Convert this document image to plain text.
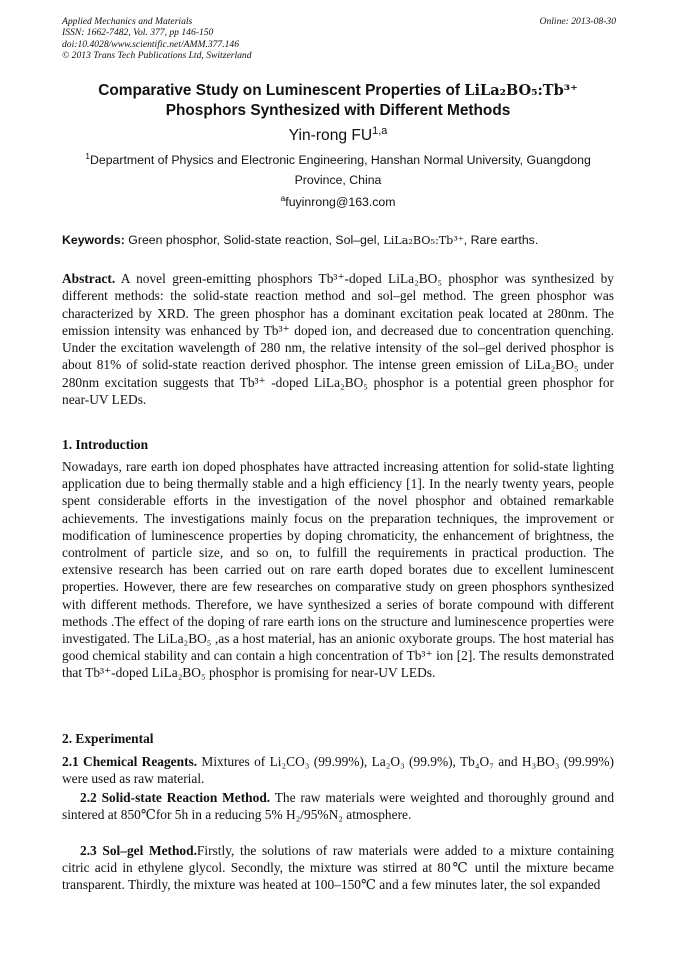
Applied Mechanics and Materials
ISSN: 1662-7482, Vol. 377, pp 146-150
doi:10.4028/www.scientific.net/AMM.377.146
© 2013 Trans Tech Publications Ltd, Switzerland
Online: 2013-08-30
Comparative Study on Luminescent Properties of LiLa₂BO₅:Tb³⁺
Phosphors Synthesized with Different Methods
Yin-rong FU$^{1,a}$
$^1$Department of Physics and Electronic Engineering, Hanshan Normal University, Guangdong Province, China
$^a$fuyinrong@163.com
Keywords: Green phosphor, Solid-state reaction, Sol–gel, LiLa₂BO₅:Tb³⁺, Rare earths.
Abstract. A novel green-emitting phosphors Tb³⁺-doped LiLa₂BO₅ phosphor was synthesized by different methods: the solid-state reaction method and sol–gel method. The green phosphor was characterized by XRD. The green phosphor has a dominant excitation peak located at 280nm. The emission intensity was enhanced by Tb³⁺ doped ion, and decreased due to concentration quenching. Under the excitation wavelength of 280 nm, the relative intensity of the sol–gel derived phosphor is about 81% of solid-state reaction derived phosphor. The intense green emission of LiLa₂BO₅ under 280nm excitation suggests that Tb³⁺ -doped LiLa₂BO₅ phosphor is a potential green phosphor for near-UV LEDs.
1. Introduction
Nowadays, rare earth ion doped phosphates have attracted increasing attention for solid-state lighting application due to being thermally stable and a high efficiency [1]. In the nearly twenty years, people spent considerable efforts in the investigation of the novel phosphor and obtained remarkable achievements. The investigations mainly focus on the preparation techniques, the improvement or modification of luminescence properties by doping chromaticity, the enhancement of brightness, the controlment of particle size, and so on, to fulfill the requirements in practical production. The extensive research has been carried out on rare earth doped borates due to excellent luminescent properties. However, there are few researches on comparative study on green phosphors synthesized with different methods. Therefore, we have synthesized a series of borate compound with different methods .The effect of the doping of rare earth ions on the structure and luminescence properties were investigated. The LiLa₂BO₅ ,as a host material, has an anionic oxyborate groups. The host material has good chemical stability and can contain a high concentration of Tb³⁺ ion [2]. The results demonstrated that Tb³⁺-doped LiLa₂BO₅ phosphor is promising for near-UV LEDs.
2. Experimental
2.1 Chemical Reagents. Mixtures of Li₂CO₃ (99.99%), La₂O₃ (99.9%), Tb₄O₇ and H₃BO₃ (99.99%) were used as raw material.
2.2 Solid-state Reaction Method. The raw materials were weighted and thoroughly ground and sintered at 850℃for 5h in a reducing 5% H₂/95%N₂ atmosphere.
2.3 Sol–gel Method.Firstly, the solutions of raw materials were added to a mixture containing citric acid in ethylene glycol. Secondly, the mixture was stirred at 80℃ until the mixture became transparent. Thirdly, the mixture was heated at 100–150℃ and a few minutes later, the sol expanded
